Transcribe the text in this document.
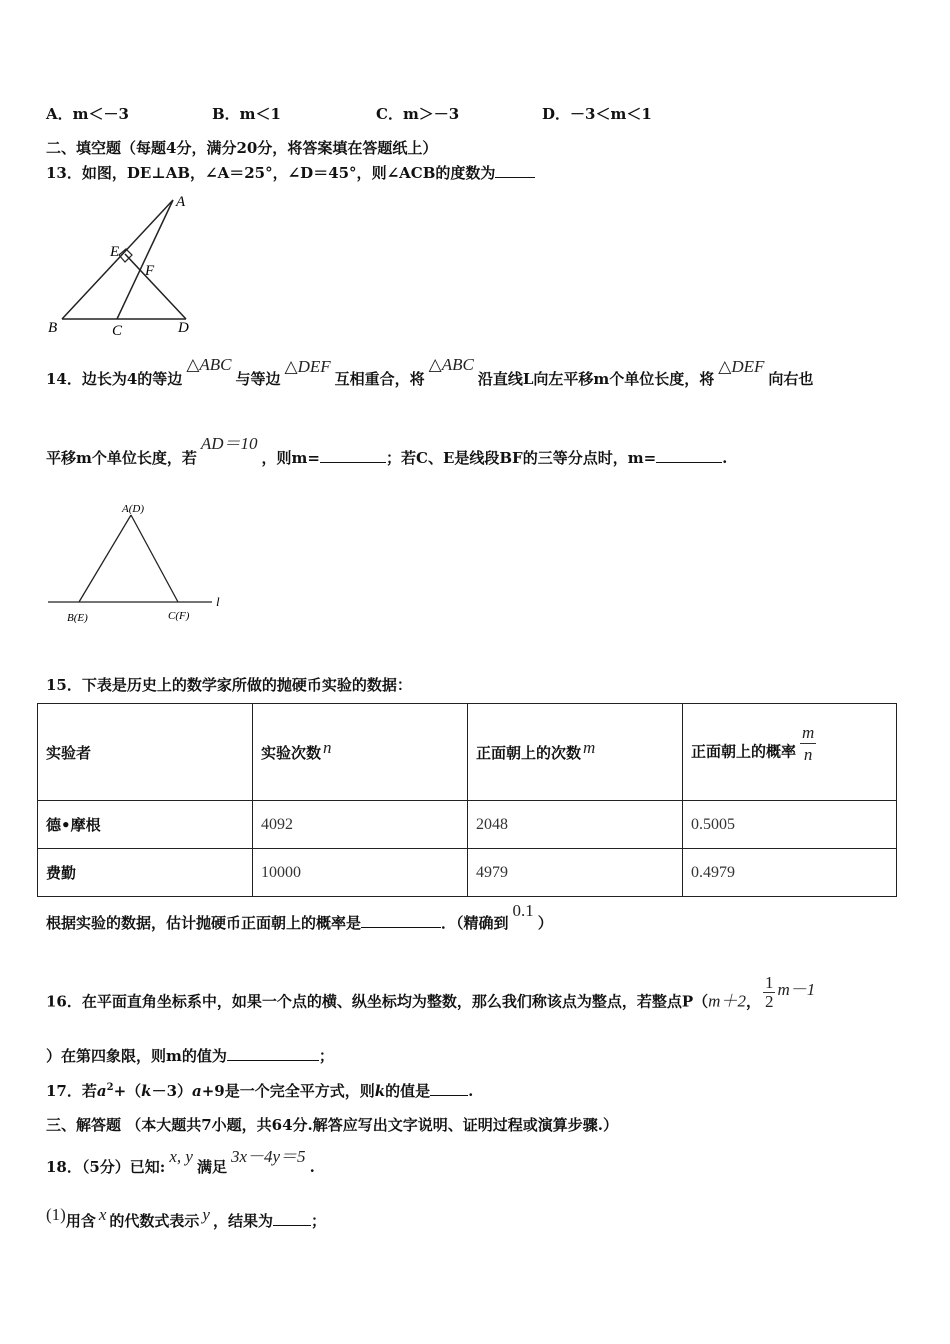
A．m＜－3	B．m＜1	C．m＞－3	D．－3＜m＜1
二、填空题（每题4分，满分20分，将答案填在答题纸上）
13．如图，DE⊥AB，∠A＝25°，∠D＝45°，则∠ACB的度数为
A
E
F
B	C	D
14．边长为4的等边△ABC与等边△DEF互相重合，将△ABC沿直线L向左平移m个单位长度，将△DEF向右也
平移m个单位长度，若AD＝10，则m=	；若C、E是线段BF的三等分点时，m=	.
A(D)
B(E)	C(F)
l
15．下表是历史上的数学家所做的抛硬币实验的数据：
实验者	实验次数 n	正面朝上的次数 m	正面朝上的概率 $\frac{m}{n}$

德•摩根	4092	2048	0.5005
费勤	10000	4979	0.4979
根据实验的数据，估计抛硬币正面朝上的概率是	．（精确到0.1）
16．在平面直角坐标系中，如果一个点的横、纵坐标均为整数，那么我们称该点为整点，若整点P（m＋2， $\frac{1}{2} m-1$
）在第四象限，则m的值为	；
17．若$a^2+(k-3)a+9$是一个完全平方式，则k的值是	.
三、解答题 （本大题共7小题，共64分.解答应写出文字说明、证明过程或演算步骤.）
18．（5分）已知:x, y满足3x－4y＝5.
(1)用含 x 的代数式表示 y ，结果为	；
